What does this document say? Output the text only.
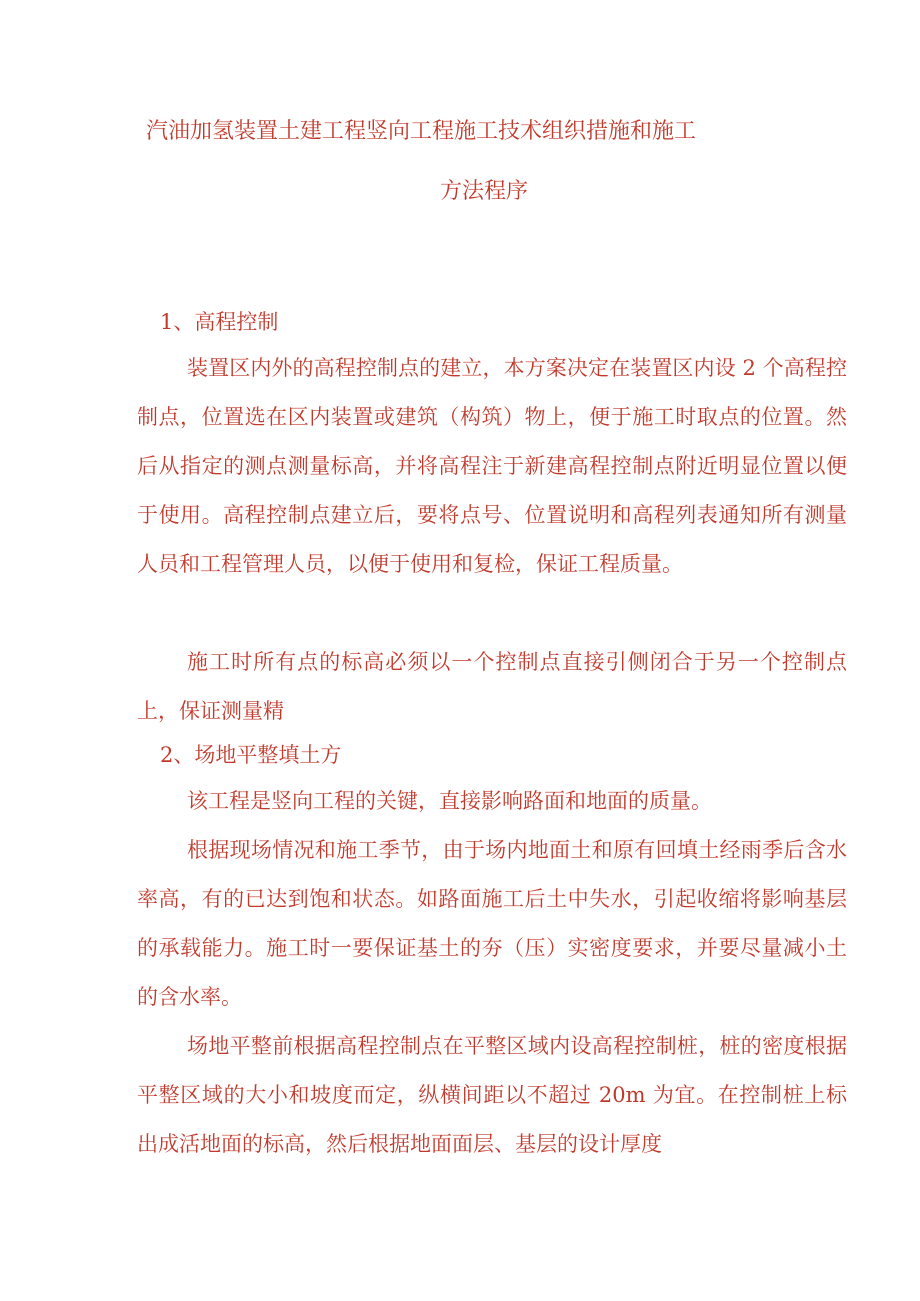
汽油加氢装置土建工程竖向工程施工技术组织措施和施工
方法程序
1、高程控制
装置区内外的高程控制点的建立，本方案决定在装置区内设 2 个高程控制点，位置选在区内装置或建筑（构筑）物上，便于施工时取点的位置。然后从指定的测点测量标高，并将高程注于新建高程控制点附近明显位置以便于使用。高程控制点建立后，要将点号、位置说明和高程列表通知所有测量人员和工程管理人员，以便于使用和复检，保证工程质量。
施工时所有点的标高必须以一个控制点直接引侧闭合于另一个控制点上，保证测量精
2、场地平整填土方
该工程是竖向工程的关键，直接影响路面和地面的质量。
根据现场情况和施工季节，由于场内地面土和原有回填土经雨季后含水率高，有的已达到饱和状态。如路面施工后土中失水，引起收缩将影响基层的承载能力。施工时一要保证基土的夯（压）实密度要求，并要尽量减小土的含水率。
场地平整前根据高程控制点在平整区域内设高程控制桩，桩的密度根据平整区域的大小和坡度而定，纵横间距以不超过 20m 为宜。在控制桩上标出成活地面的标高，然后根据地面面层、基层的设计厚度
